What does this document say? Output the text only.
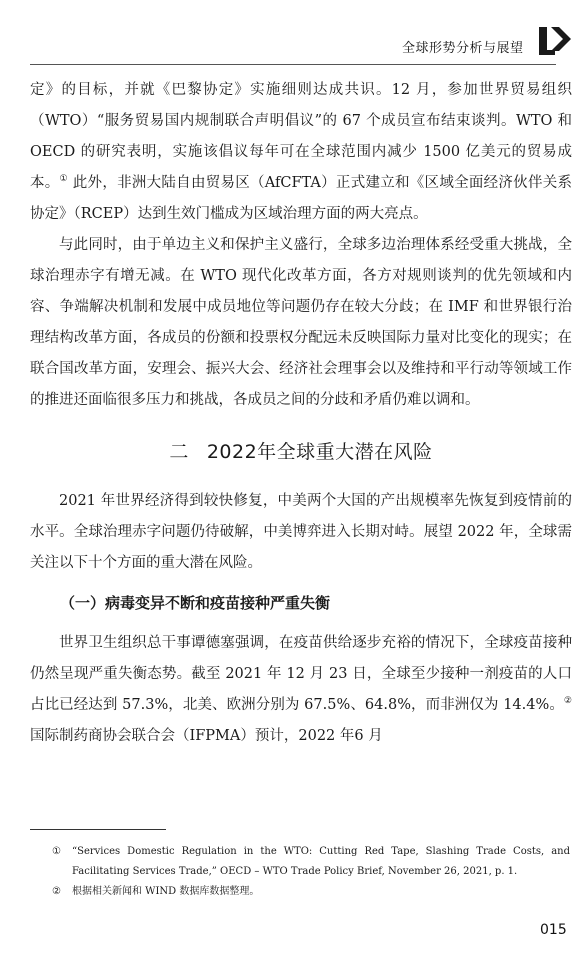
全球形势分析与展望

定》的目标，并就《巴黎协定》实施细则达成共识。12 月，参加世界贸易组织（WTO）“服务贸易国内规制联合声明倡议”的 67 个成员宣布结束谈判。WTO 和 OECD 的研究表明，实施该倡议每年可在全球范围内减少 1500 亿美元的贸易成本。① 此外，非洲大陆自由贸易区（AfCFTA）正式建立和《区域全面经济伙伴关系协定》（RCEP）达到生效门槛成为区域治理方面的两大亮点。

与此同时，由于单边主义和保护主义盛行，全球多边治理体系经受重大挑战，全球治理赤字有增无减。在 WTO 现代化改革方面，各方对规则谈判的优先领域和内容、争端解决机制和发展中成员地位等问题仍存在较大分歧；在 IMF 和世界银行治理结构改革方面，各成员的份额和投票权分配远未反映国际力量对比变化的现实；在联合国改革方面，安理会、振兴大会、经济社会理事会以及维持和平行动等领域工作的推进还面临很多压力和挑战，各成员之间的分歧和矛盾仍难以调和。

二 2022年全球重大潜在风险

2021 年世界经济得到较快修复，中美两个大国的产出规模率先恢复到疫情前的水平。全球治理赤字问题仍待破解，中美博弈进入长期对峙。展望 2022 年，全球需关注以下十个方面的重大潜在风险。

（一）病毒变异不断和疫苗接种严重失衡

世界卫生组织总干事谭德塞强调，在疫苗供给逐步充裕的情况下，全球疫苗接种仍然呈现严重失衡态势。截至 2021 年 12 月 23 日，全球至少接种一剂疫苗的人口占比已经达到 57.3%，北美、欧洲分别为 67.5%、64.8%，而非洲仅为 14.4%。② 国际制药商协会联合会（IFPMA）预计，2022 年6 月

① “Services Domestic Regulation in the WTO: Cutting Red Tape, Slashing Trade Costs, and Facilitating Services Trade,” OECD – WTO Trade Policy Brief, November 26, 2021, p. 1.
② 根据相关新闻和 WIND 数据库数据整理。
015
